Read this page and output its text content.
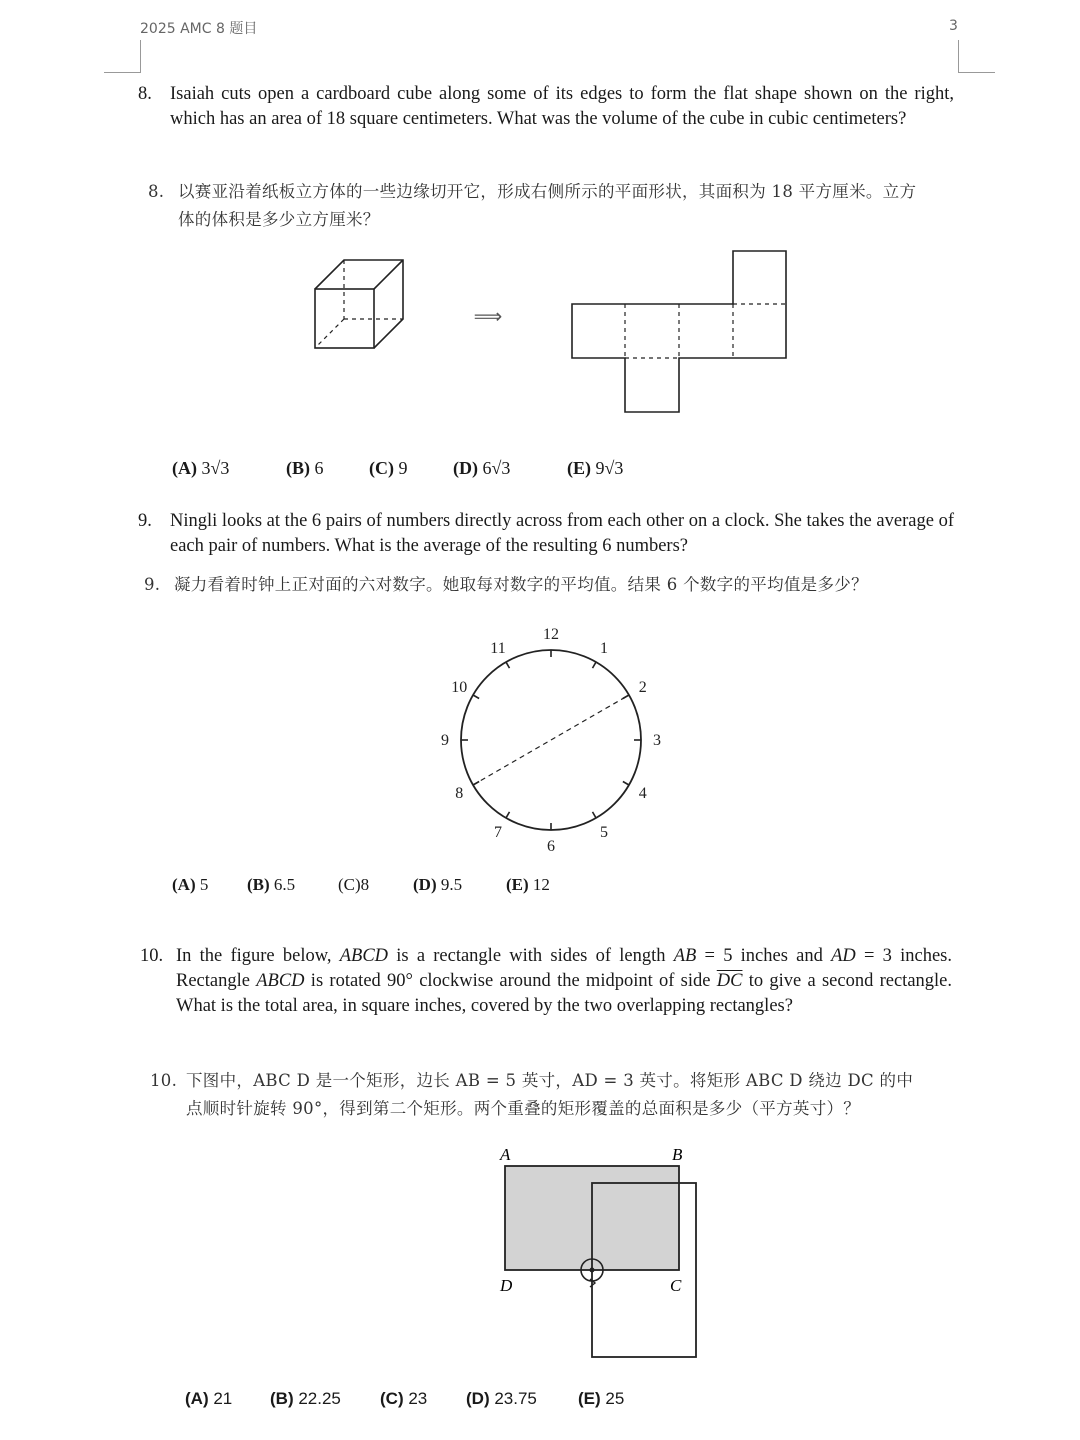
2025 AMC 8 题目	3
8. Isaiah cuts open a cardboard cube along some of its edges to form the flat shape shown on the right, which has an area of 18 square centimeters. What was the volume of the cube in cubic centimeters?
8. 以赛亚沿着纸板立方体的一些边缘切开它，形成右侧所示的平面形状，其面积为 18 平方厘米。立方体的体积是多少立方厘米？
⟹
(A) 3√3	(B) 6	(C) 9	(D) 6√3	(E) 9√3
9. Ningli looks at the 6 pairs of numbers directly across from each other on a clock. She takes the average of each pair of numbers. What is the average of the resulting 6 numbers?
9. 凝力看着时钟上正对面的六对数字。她取每对数字的平均值。结果 6 个数字的平均值是多少？
12
1
2
3
4
5
6
7
8
9
10
11
(A) 5 (B) 6.5	(C)8	(D) 9.5	(E) 12
10. In the figure below, ABCD is a rectangle with sides of length AB = 5 inches and AD = 3 inches. Rectangle ABCD is rotated 90° clockwise around the midpoint of side $\overline{DC}$ to give a second rectangle. What is the total area, in square inches, covered by the two overlapping rectangles?
10. 下图中，ABC D 是一个矩形，边长 AB = 5 英寸，AD = 3 英寸。将矩形 ABC D 绕边 DC 的中点顺时针旋转 90°，得到第二个矩形。两个重叠的矩形覆盖的总面积是多少（平方英寸）？
A	B
C
D
(A) 21 (B) 22.25 (C) 23 (D) 23.75 (E) 25
